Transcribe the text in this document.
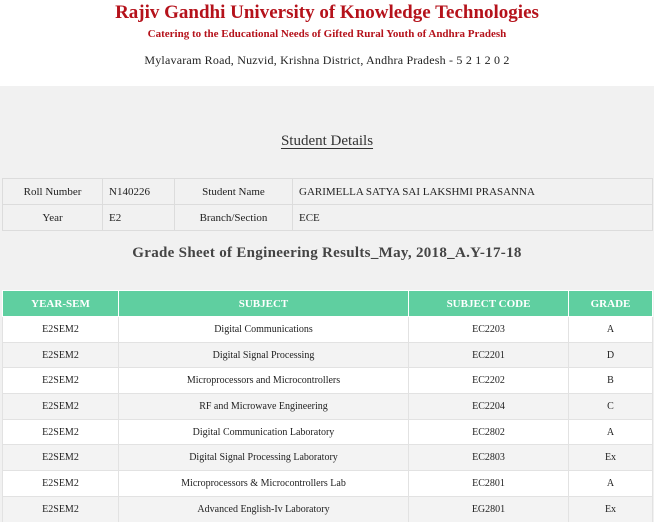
Rajiv Gandhi University of Knowledge Technologies
Catering to the Educational Needs of Gifted Rural Youth of Andhra Pradesh
Mylavaram Road, Nuzvid, Krishna District, Andhra Pradesh - 5 2 1 2 0 2
Student Details
Roll Number	N140226	Student Name	GARIMELLA SATYA SAI LAKSHMI PRASANNA
Year	E2	Branch/Section	ECE
Grade Sheet of Engineering Results_May, 2018_A.Y-17-18
YEAR-SEM	SUBJECT	SUBJECT CODE	GRADE
E2SEM2	Digital Communications	EC2203	A
E2SEM2	Digital Signal Processing	EC2201	D
E2SEM2	Microprocessors and Microcontrollers	EC2202	B
E2SEM2	RF and Microwave Engineering	EC2204	C
E2SEM2	Digital Communication Laboratory	EC2802	A
E2SEM2	Digital Signal Processing Laboratory	EC2803	Ex
E2SEM2	Microprocessors & Microcontrollers Lab	EC2801	A
E2SEM2	Advanced English-Iv Laboratory	EG2801	Ex
